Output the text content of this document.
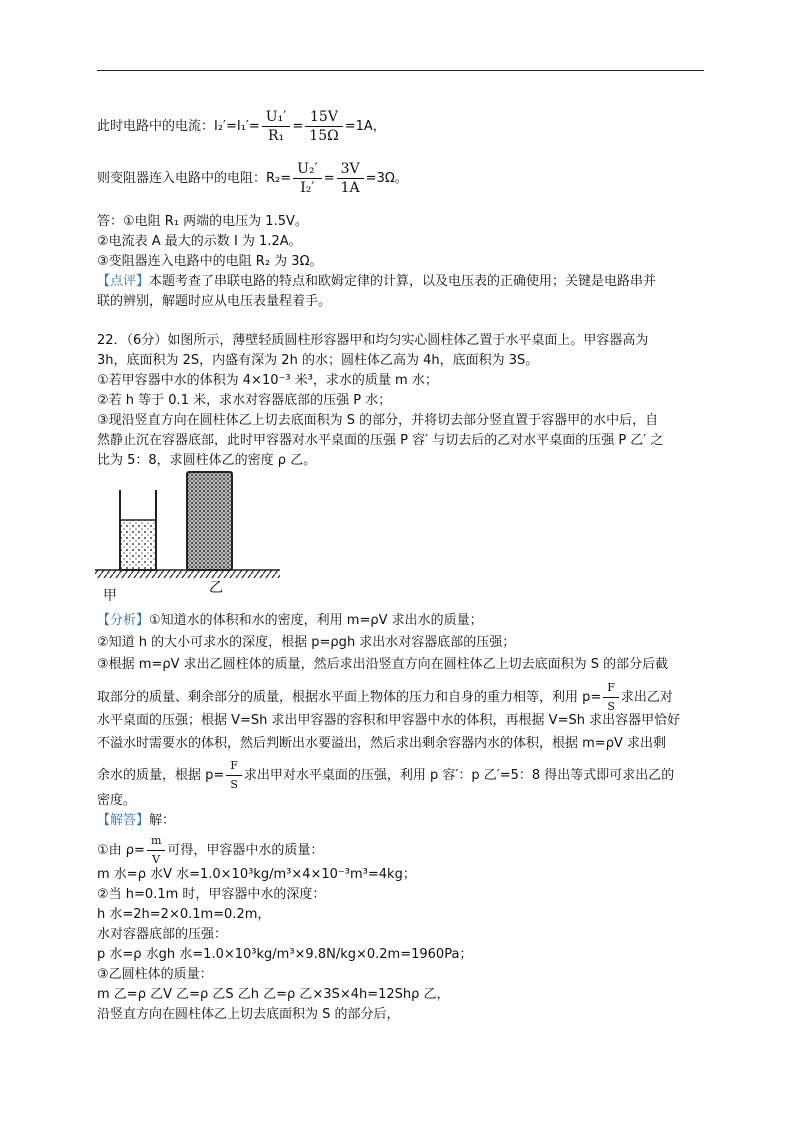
此时电路中的电流：$I_2'=I_1'= \frac{\text{U₁′}}{\text{R₁}} = \frac{15V}{15\Omega} =1A$，
则变阻器连入电路中的电阻：$R_2= \frac{\text{U₂′}}{\text{I₂′}} = \frac{3V}{1A} =3\Omega$。
答：①电阻 R₁ 两端的电压为 1.5V。
②电流表 A 最大的示数 I 为 1.2A。
③变阻器连入电路中的电阻 R₂ 为 3Ω。
【点评】本题考查了串联电路的特点和欧姆定律的计算，以及电压表的正确使用；关键是电路串并
联的辨别，解题时应从电压表量程着手。
22．（6分）如图所示，薄壁轻质圆柱形容器甲和均匀实心圆柱体乙置于水平桌面上。甲容器高为
3h，底面积为 2S，内盛有深为 2h 的水；圆柱体乙高为 4h，底面积为 3S。
①若甲容器中水的体积为 4×10⁻³ 米³，求水的质量 m 水；
②若 h 等于 0.1 米，求水对容器底部的压强 P 水；
③现沿竖直方向在圆柱体乙上切去底面积为 S 的部分，并将切去部分竖直置于容器甲的水中后，自
然静止沉在容器底部，此时甲容器对水平桌面的压强 P 容′ 与切去后的乙对水平桌面的压强 P 乙′ 之
比为 5：8，求圆柱体乙的密度 ρ 乙。
甲	乙
【分析】①知道水的体积和水的密度，利用 m=ρV 求出水的质量；
②知道 h 的大小可求水的深度，根据 p=ρgh 求出水对容器底部的压强；
③根据 m=ρV 求出乙圆柱体的质量，然后求出沿竖直方向在圆柱体乙上切去底面积为 S 的部分后截
取部分的质量、剩余部分的质量，根据水平面上物体的压力和自身的重力相等，利用 $p= \frac{F}{S}$ 求出乙对
水平桌面的压强；根据 V=Sh 求出甲容器的容积和甲容器中水的体积，再根据 V=Sh 求出容器甲恰好
不溢水时需要水的体积，然后判断出水要溢出，然后求出剩余容器内水的体积，根据 m=ρV 求出剩
余水的质量，根据 $p= \frac{F}{S}$ 求出甲对水平桌面的压强，利用 p 容′：p 乙′=5：8 得出等式即可求出乙的
密度。
【解答】解：
①由 $\rho= \frac{m}{V}$ 可得，甲容器中水的质量：
m 水=ρ 水V 水=1.0×10³kg/m³×4×10⁻³m³=4kg；
②当 h=0.1m 时，甲容器中水的深度：
h 水=2h=2×0.1m=0.2m，
水对容器底部的压强：
p 水=ρ 水gh 水=1.0×10³kg/m³×9.8N/kg×0.2m=1960Pa；
③乙圆柱体的质量：
m 乙=ρ 乙V 乙=ρ 乙S 乙h 乙=ρ 乙×3S×4h=12Shρ 乙，
沿竖直方向在圆柱体乙上切去底面积为 S 的部分后，
